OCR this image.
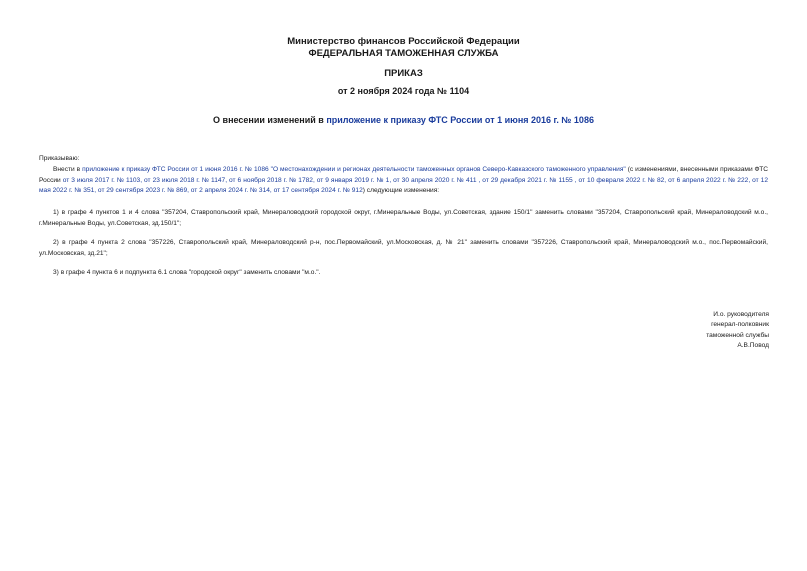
Министерство финансов Российской Федерации
ФЕДЕРАЛЬНАЯ ТАМОЖЕННАЯ СЛУЖБА
ПРИКАЗ
от 2 ноября 2024 года № 1104
О внесении изменений в приложение к приказу ФТС России от 1 июня 2016 г. № 1086
Приказываю:
Внести в приложение к приказу ФТС России от 1 июня 2016 г. № 1086 "О местонахождении и регионах деятельности таможенных органов Северо-Кавказского таможенного управления" (с изменениями, внесенными приказами ФТС России от 3 июля 2017 г. № 1103, от 23 июля 2018 г. № 1147, от 6 ноября 2018 г. № 1782, от 9 января 2019 г. № 1, от 30 апреля 2020 г. № 411 , от 29 декабря 2021 г. № 1155 , от 10 февраля 2022 г. № 82, от 6 апреля 2022 г. № 222, от 12 мая 2022 г. № 351, от 29 сентября 2023 г. № 869, от 2 апреля 2024 г. № 314, от 17 сентября 2024 г. № 912) следующие изменения:
1) в графе 4 пунктов 1 и 4 слова "357204, Ставропольский край, Минераловодский городской округ, г.Минеральные Воды, ул.Советская, здание 150/1" заменить словами "357204, Ставропольский край, Минераловодский м.о., г.Минеральные Воды, ул.Советская, зд.150/1";
2) в графе 4 пункта 2 слова "357226, Ставропольский край, Минераловодский р-н, пос.Первомайский, ул.Московская, д. № 21" заменить словами "357226, Ставропольский край, Минераловодский м.о., пос.Первомайский, ул.Московская, зд.21";
3) в графе 4 пункта 6 и подпункта 6.1 слова "городской округ" заменить словами "м.о.".
И.о. руководителя
генерал-полковник
таможенной службы
А.В.Повод
